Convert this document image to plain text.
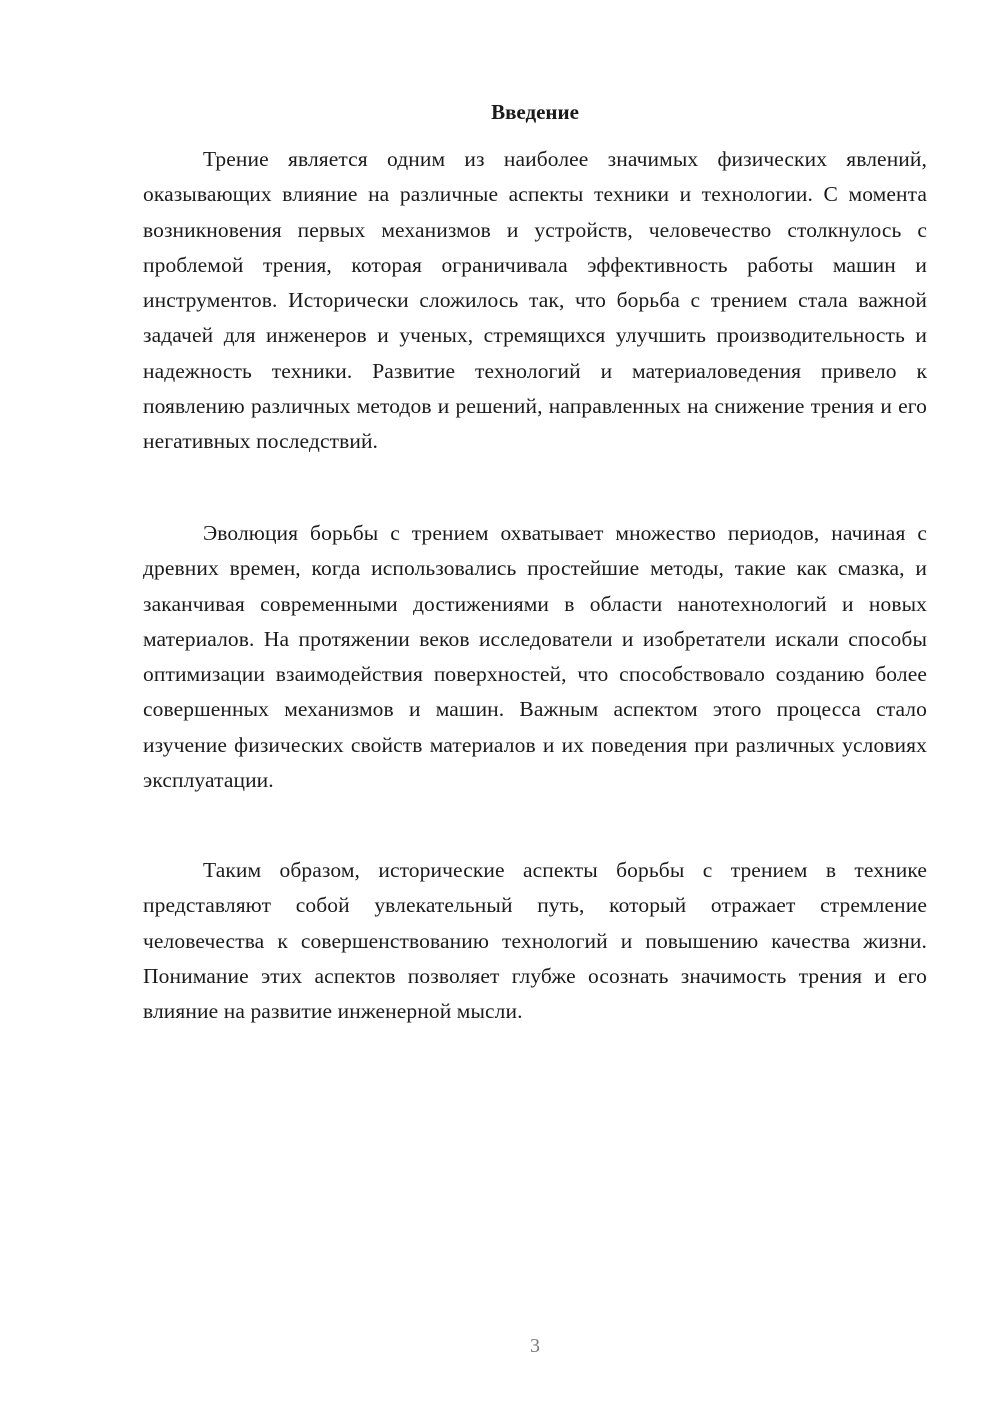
Введение

Трение является одним из наиболее значимых физических явлений, оказывающих влияние на различные аспекты техники и технологии. С момента возникновения первых механизмов и устройств, человечество столкнулось с проблемой трения, которая ограничивала эффективность работы машин и инструментов. Исторически сложилось так, что борьба с трением стала важной задачей для инженеров и ученых, стремящихся улучшить производительность и надежность техники. Развитие технологий и материаловедения привело к появлению различных методов и решений, направленных на снижение трения и его негативных последствий.

Эволюция борьбы с трением охватывает множество периодов, начиная с древних времен, когда использовались простейшие методы, такие как смазка, и заканчивая современными достижениями в области нанотехнологий и новых материалов. На протяжении веков исследователи и изобретатели искали способы оптимизации взаимодействия поверхностей, что способствовало созданию более совершенных механизмов и машин. Важным аспектом этого процесса стало изучение физических свойств материалов и их поведения при различных условиях эксплуатации.

Таким образом, исторические аспекты борьбы с трением в технике представляют собой увлекательный путь, который отражает стремление человечества к совершенствованию технологий и повышению качества жизни. Понимание этих аспектов позволяет глубже осознать значимость трения и его влияние на развитие инженерной мысли.

3
